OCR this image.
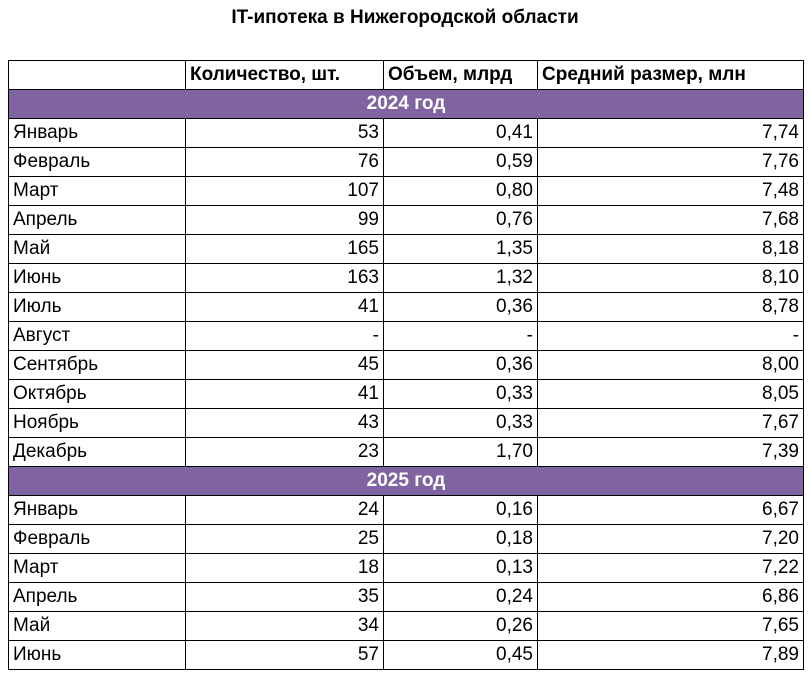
IT-ипотека в Нижегородской области
	Количество, шт.	Объем, млрд	Средний размер, млн
2024 год			
Январь	53	0,41	7,74
Февраль	76	0,59	7,76
Март	107	0,80	7,48
Апрель	99	0,76	7,68
Май	165	1,35	8,18
Июнь	163	1,32	8,10
Июль	41	0,36	8,78
Август	-	-	-
Сентябрь	45	0,36	8,00
Октябрь	41	0,33	8,05
Ноябрь	43	0,33	7,67
Декабрь	23	1,70	7,39
2025 год			
Январь	24	0,16	6,67
Февраль	25	0,18	7,20
Март	18	0,13	7,22
Апрель	35	0,24	6,86
Май	34	0,26	7,65
Июнь	57	0,45	7,89
